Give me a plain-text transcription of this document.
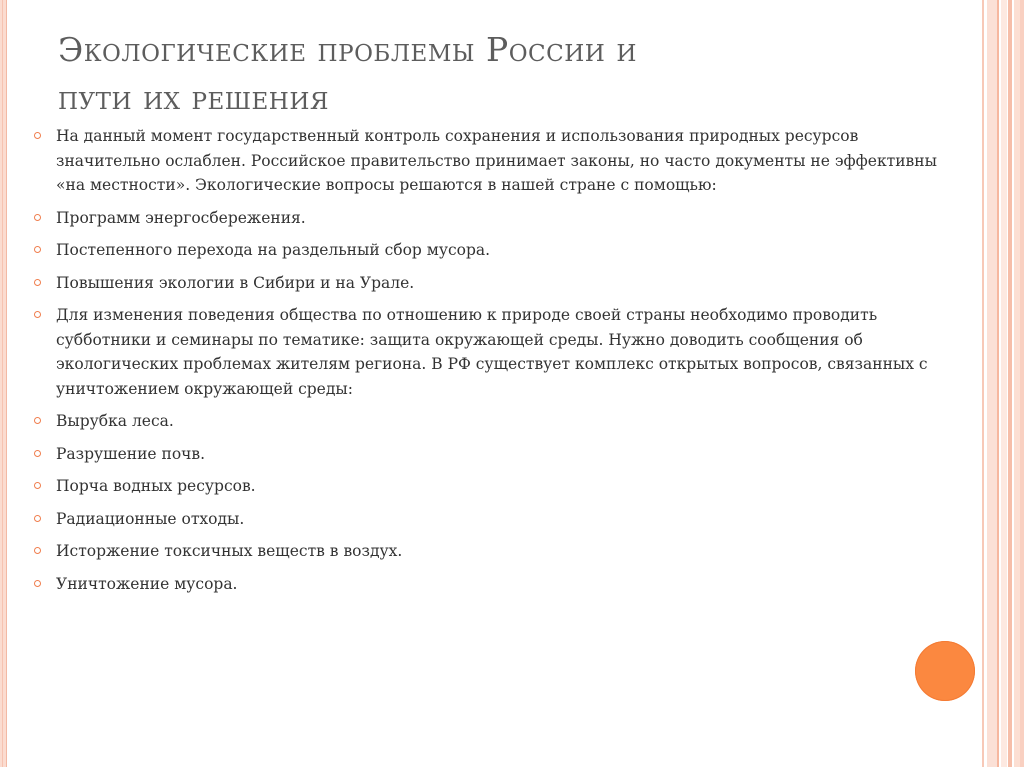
Экологические проблемы России и
пути их решения
На данный момент государственный контроль сохранения и использования природных ресурсов значительно ослаблен. Российское правительство принимает законы, но часто документы не эффективны «на местности». Экологические вопросы решаются в нашей стране с помощью:
Программ энергосбережения.
Постепенного перехода на раздельный сбор мусора.
Повышения экологии в Сибири и на Урале.
Для изменения поведения общества по отношению к природе своей страны необходимо проводить субботники и семинары по тематике: защита окружающей среды. Нужно доводить сообщения об экологических проблемах жителям региона. В РФ существует комплекс открытых вопросов, связанных с уничтожением окружающей среды:
Вырубка леса.
Разрушение почв.
Порча водных ресурсов.
Радиационные отходы.
Исторжение токсичных веществ в воздух.
Уничтожение мусора.
